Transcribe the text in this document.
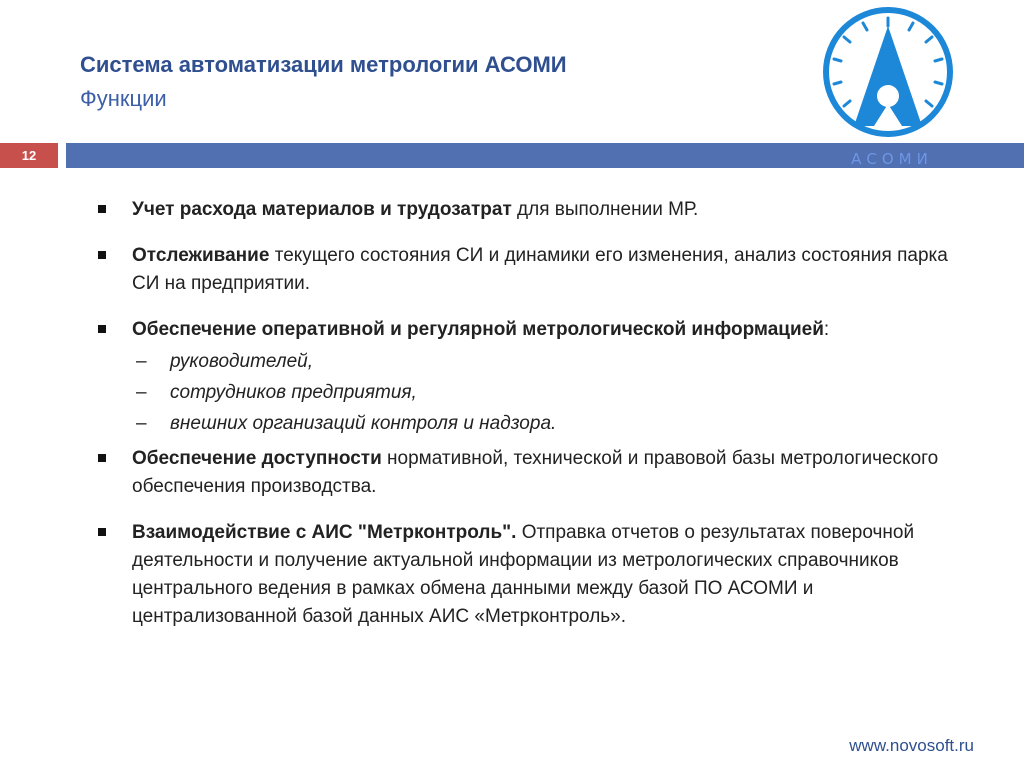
Система автоматизации метрологии АСОМИ
Функции
12	АСОМИ
Учет расхода материалов и трудозатрат для выполнении МР.
Отслеживание текущего состояния СИ и динамики его изменения, анализ состояния парка СИ на предприятии.
Обеспечение оперативной и регулярной метрологической информацией:
– руководителей,
– сотрудников предприятия,
– внешних организаций контроля и надзора.
Обеспечение доступности нормативной, технической и правовой базы метрологического обеспечения производства.
Взаимодействие с АИС "Метрконтроль". Отправка отчетов о результатах поверочной деятельности и получение актуальной информации из метрологических справочников центрального ведения в рамках обмена данными между базой ПО АСОМИ и централизованной базой данных АИС «Метрконтроль».
www.novosoft.ru
